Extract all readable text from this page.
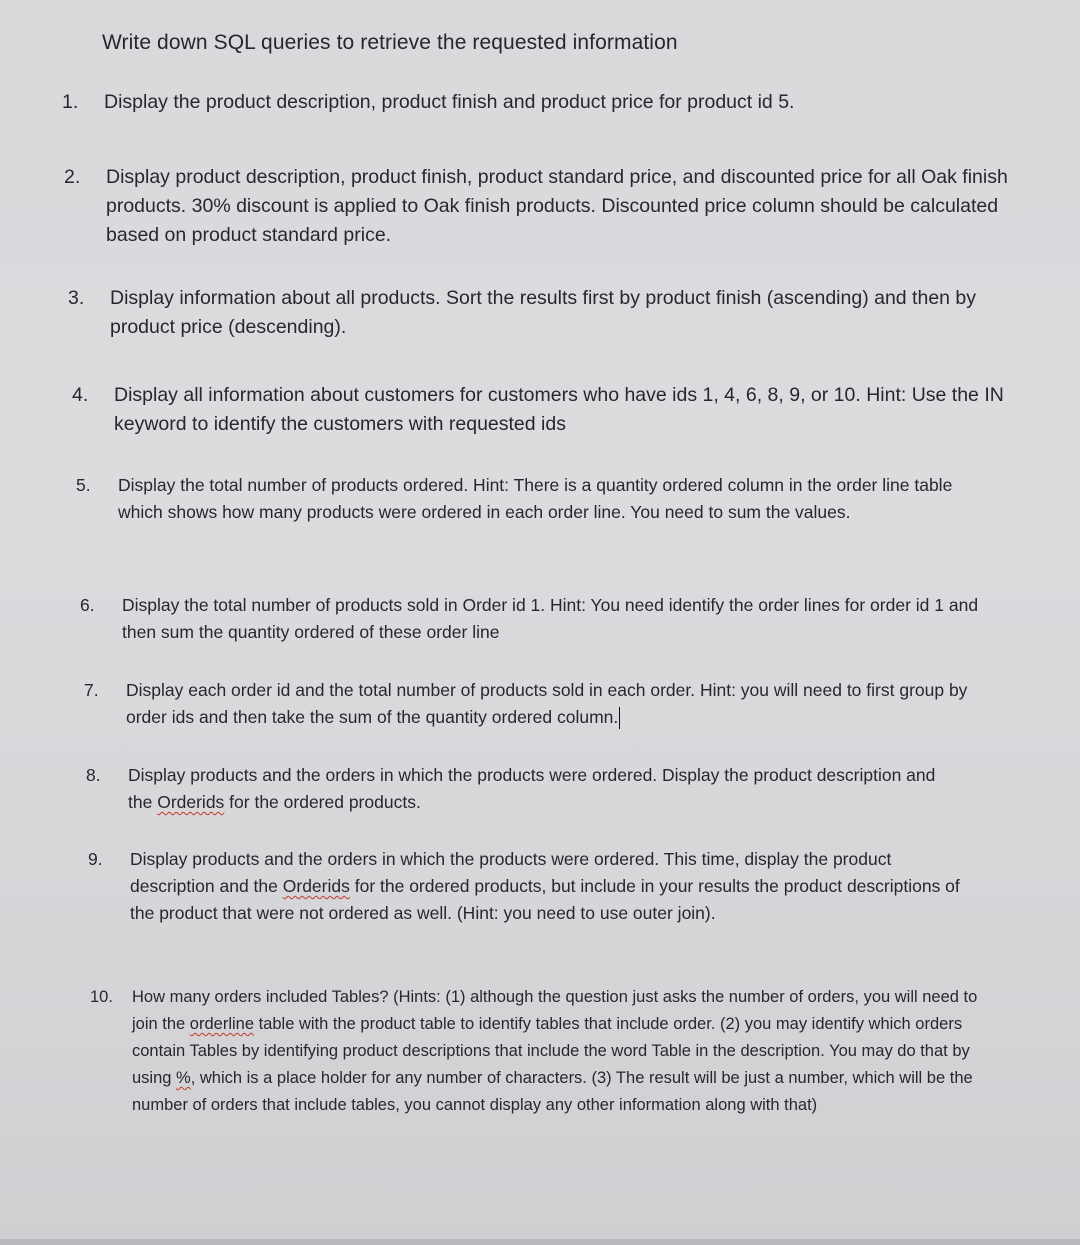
Write down SQL queries to retrieve the requested information
1.	Display the product description, product finish and product price for product id 5.
2.	Display product description, product finish, product standard price, and discounted price for all Oak finish products. 30% discount is applied to Oak finish products. Discounted price column should be calculated based on product standard price.
3.	Display information about all products. Sort the results first by product finish (ascending) and then by product price (descending).
4.	Display all information about customers for customers who have ids 1, 4, 6, 8, 9, or 10. Hint: Use the IN keyword to identify the customers with requested ids
5.	Display the total number of products ordered. Hint: There is a quantity ordered column in the order line table which shows how many products were ordered in each order line. You need to sum the values.
6.	Display the total number of products sold in Order id 1. Hint: You need identify the order lines for order id 1 and then sum the quantity ordered of these order line
7.	Display each order id and the total number of products sold in each order. Hint: you will need to first group by order ids and then take the sum of the quantity ordered column.
8.	Display products and the orders in which the products were ordered. Display the product description and the Orderids for the ordered products.
9.	Display products and the orders in which the products were ordered. This time, display the product description and the Orderids for the ordered products, but include in your results the product descriptions of the product that were not ordered as well. (Hint: you need to use outer join).
10.	How many orders included Tables? (Hints: (1) although the question just asks the number of orders, you will need to join the orderline table with the product table to identify tables that include order. (2) you may identify which orders contain Tables by identifying product descriptions that include the word Table in the description. You may do that by using %, which is a place holder for any number of characters. (3) The result will be just a number, which will be the number of orders that include tables, you cannot display any other information along with that)
